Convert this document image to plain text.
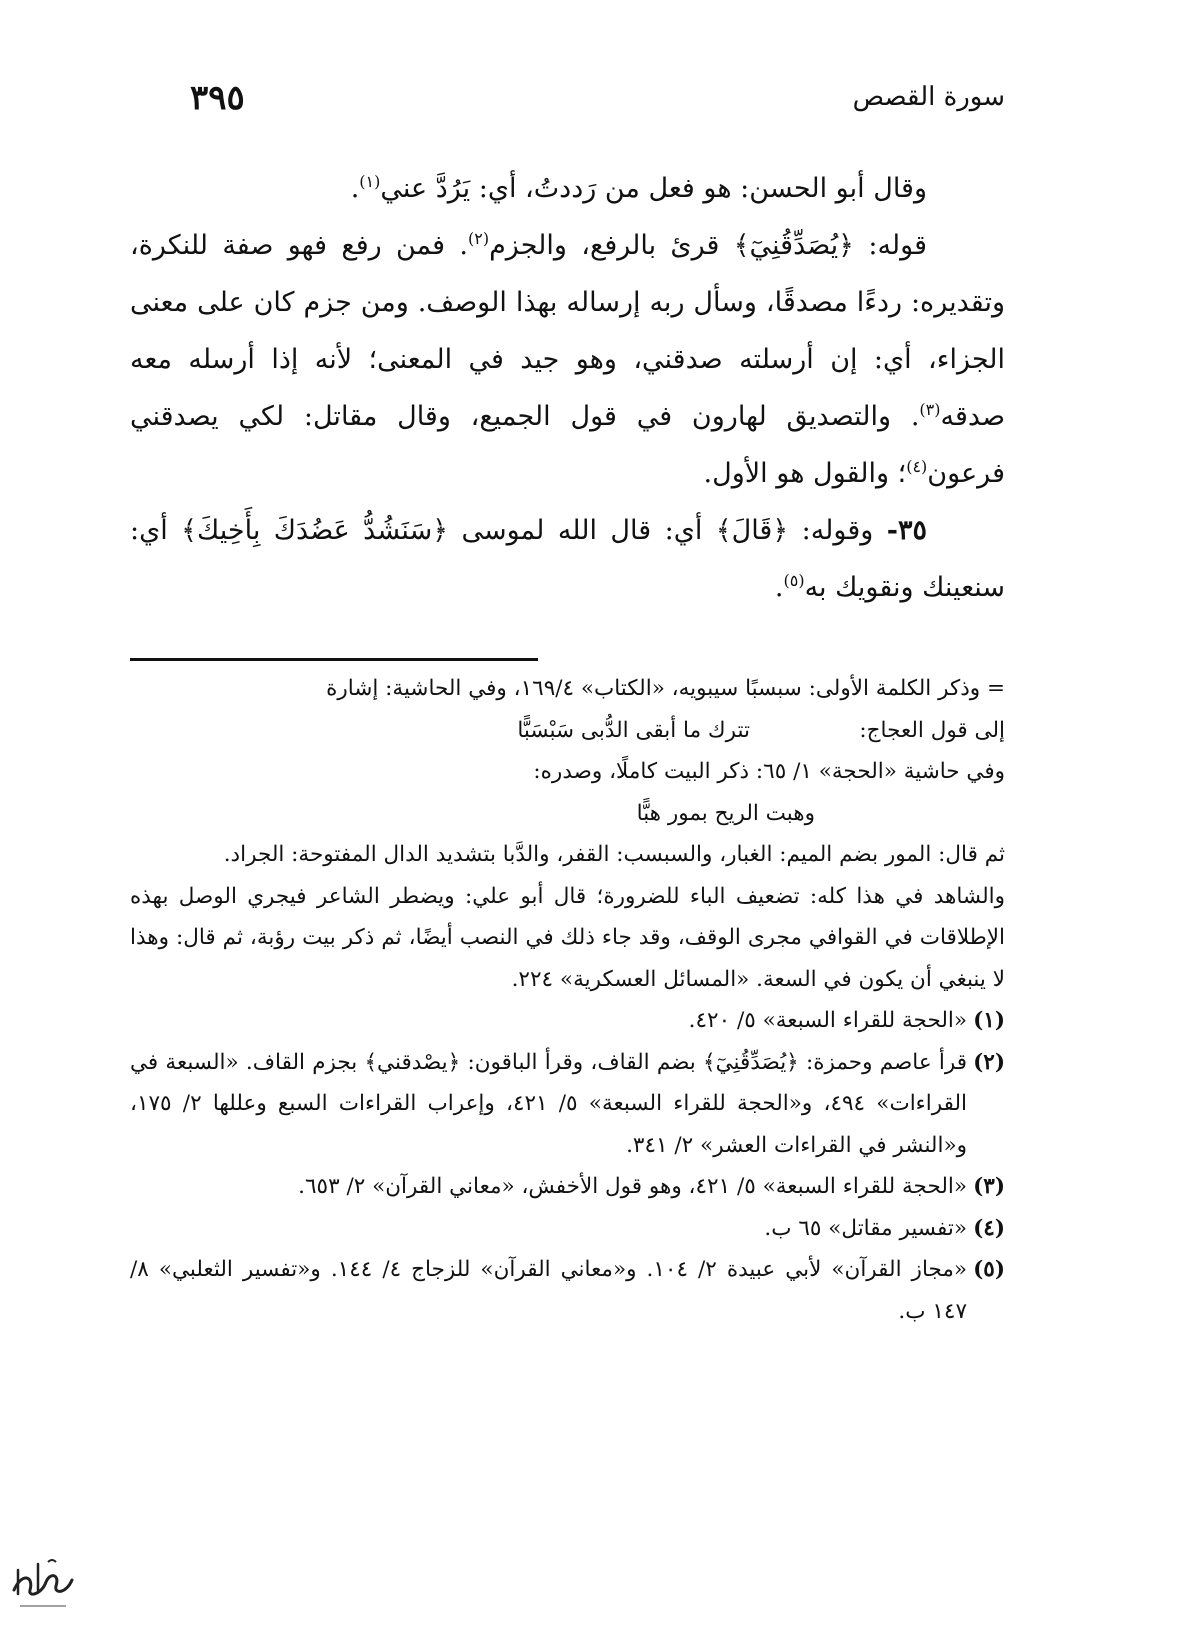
٣٩٥	سورة القصص

وقال أبو الحسن: هو فعل من رَددتُ، أي: يَرُدَّ عني$^{(١)}$.

قوله: ﴿يُصَدِّقُنِيٓ﴾ قرئ بالرفع، والجزم$^{(٢)}$. فمن رفع فهو صفة للنكرة، وتقديره: ردءًا مصدقًا، وسأل ربه إرساله بهذا الوصف. ومن جزم كان على معنى الجزاء، أي: إن أرسلته صدقني، وهو جيد في المعنى؛ لأنه إذا أرسله معه صدقه$^{(٣)}$. والتصديق لهارون في قول الجميع، وقال مقاتل: لكي يصدقني فرعون$^{(٤)}$؛ والقول هو الأول.

٣٥- وقوله: ﴿قَالَ﴾ أي: قال الله لموسى ﴿سَنَشُدُّ عَضُدَكَ بِأَخِيكَ﴾ أي: سنعينك ونقويك به$^{(٥)}$.

= وذكر الكلمة الأولى: سبسبًا سيبويه، «الكتاب» ١٦٩/٤، وفي الحاشية: إشارة

إلى قول العجاج:
تترك ما أبقى الدُّبى سَبْسَبًّا

وفي حاشية «الحجة» ١/ ٦٥: ذكر البيت كاملًا، وصدره:

وهبت الريح بمور هبًّا

ثم قال: المور بضم الميم: الغبار، والسبسب: القفر، والدَّبا بتشديد الدال المفتوحة: الجراد.

والشاهد في هذا كله: تضعيف الباء للضرورة؛ قال أبو علي: ويضطر الشاعر فيجري الوصل بهذه الإطلاقات في القوافي مجرى الوقف، وقد جاء ذلك في النصب أيضًا، ثم ذكر بيت رؤبة، ثم قال: وهذا لا ينبغي أن يكون في السعة. «المسائل العسكرية» ٢٢٤.

(١)
«الحجة للقراء السبعة» ٥/ ٤٢٠.
(٢)
قرأ عاصم وحمزة: ﴿يُصَدِّقُنِيٓ﴾ بضم القاف، وقرأ الباقون: ﴿يصْدقني﴾ بجزم القاف. «السبعة في القراءات» ٤٩٤، و«الحجة للقراء السبعة» ٥/ ٤٢١، وإعراب القراءات السبع وعللها ٢/ ١٧٥، و«النشر في القراءات العشر» ٢/ ٣٤١.
(٣)
«الحجة للقراء السبعة» ٥/ ٤٢١، وهو قول الأخفش، «معاني القرآن» ٢/ ٦٥٣.
(٤)
«تفسير مقاتل» ٦٥ ب.
(٥)
«مجاز القرآن» لأبي عبيدة ٢/ ١٠٤. و«معاني القرآن» للزجاج ٤/ ١٤٤. و«تفسير الثعلبي» ٨/ ١٤٧ ب.
